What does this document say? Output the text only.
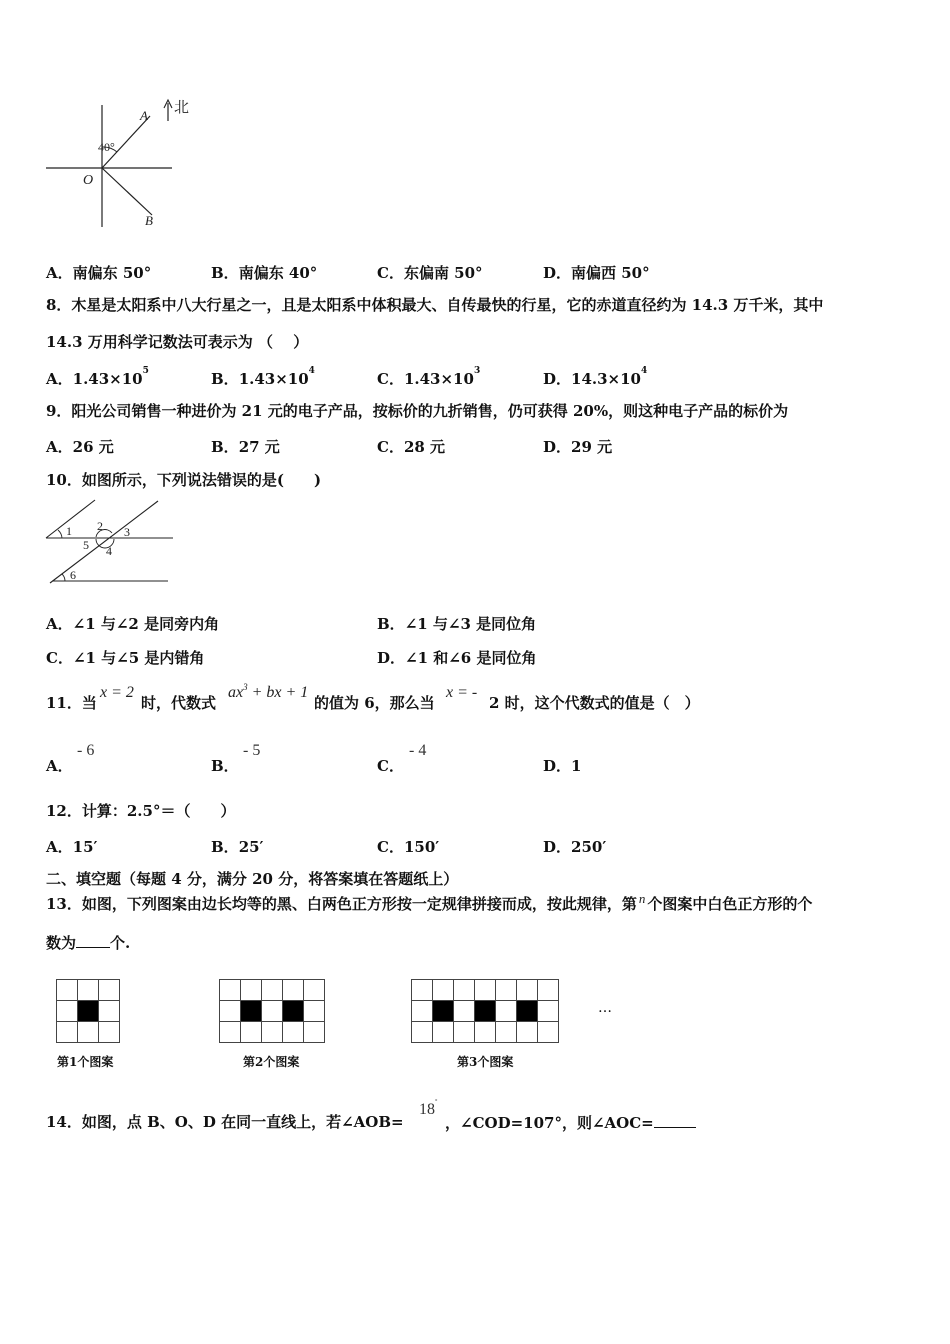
北
A
40°
O
B
A．南偏东 50°	B．南偏东 40°	C．东偏南 50°	D．南偏西 50°
8．木星是太阳系中八大行星之一，且是太阳系中体积最大、自传最快的行星，它的赤道直径约为 14.3 万千米，其中
14.3 万用科学记数法可表示为 （　 ）
A．$1.43\times 10^5$	B．$1.43\times 10^4$	C．$1.43\times 10^3$	D．$14.3\times 10^4$
9．阳光公司销售一种进价为 21 元的电子产品，按标价的九折销售，仍可获得 20%，则这种电子产品的标价为
A．26 元	B．27 元	C．28 元	D．29 元
10．如图所示，下列说法错误的是(　　)
1 2 3
5 4
6
A．∠1 与∠2 是同旁内角	B．∠1 与∠3 是同位角
C．∠1 与∠5 是内错角	D．∠1 和∠6 是同位角
11．当
x = 2
时，代数式
$ax^3$ + bx + 1
的值为 6，那么当
x = -
2 时，这个代数式的值是（　）
A．
- 6
B．
- 5
C．
- 4
D．1
12．计算：2.5°＝（　　）
A．15′	B．25′	C．150′	D．250′
二、填空题（每题 4 分，满分 20 分，将答案填在答题纸上）
13．如图，下列图案由边长均等的黑、白两色正方形按一定规律拼接而成，按此规律，第 n 个图案中白色正方形的个
数为 个.
第1个图案	第2个图案	第3个图案
…
14．如图，点 B、O、D 在同一直线上，若∠AOB=
18°
，∠COD=107°，则∠AOC=
